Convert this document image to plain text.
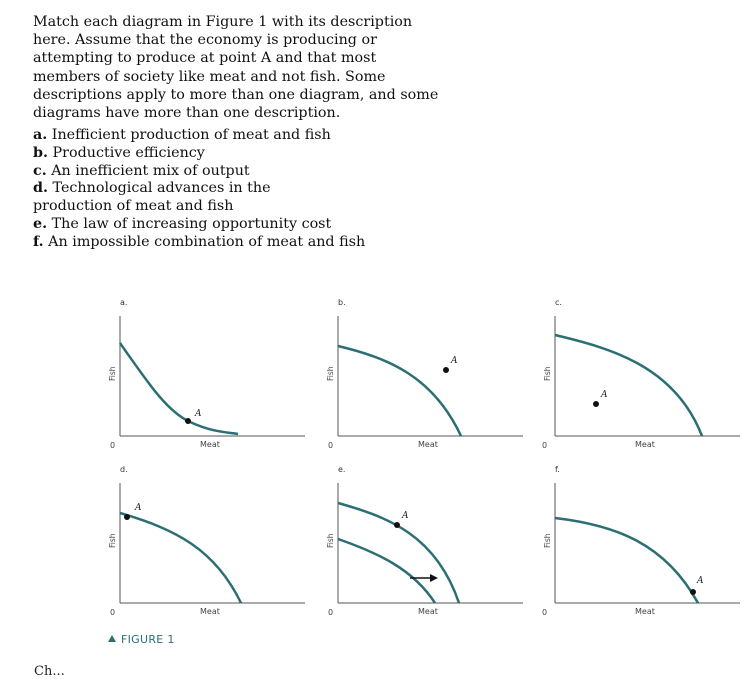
Match each diagram in Figure 1 with its description here. Assume that the economy is producing or attempting to produce at point A and that most members of society like meat and not fish. Some descriptions apply to more than one diagram, and some diagrams have more than one description.

a. Inefficient production of meat and fish

b. Productive efficiency

c. An inefficient mix of output

d. Technological advances in the production of meat and fish

e. The law of increasing opportunity cost

f. An impossible combination of meat and fish

a.
Fish
Meat
0
A
b.
Fish
Meat
0
A
c.
Fish
Meat
0
A
d.
Fish
Meat
0
A
e.
Fish
Meat
0
A
f.
Fish
Meat
0
A
FIGURE 1
Ch...
